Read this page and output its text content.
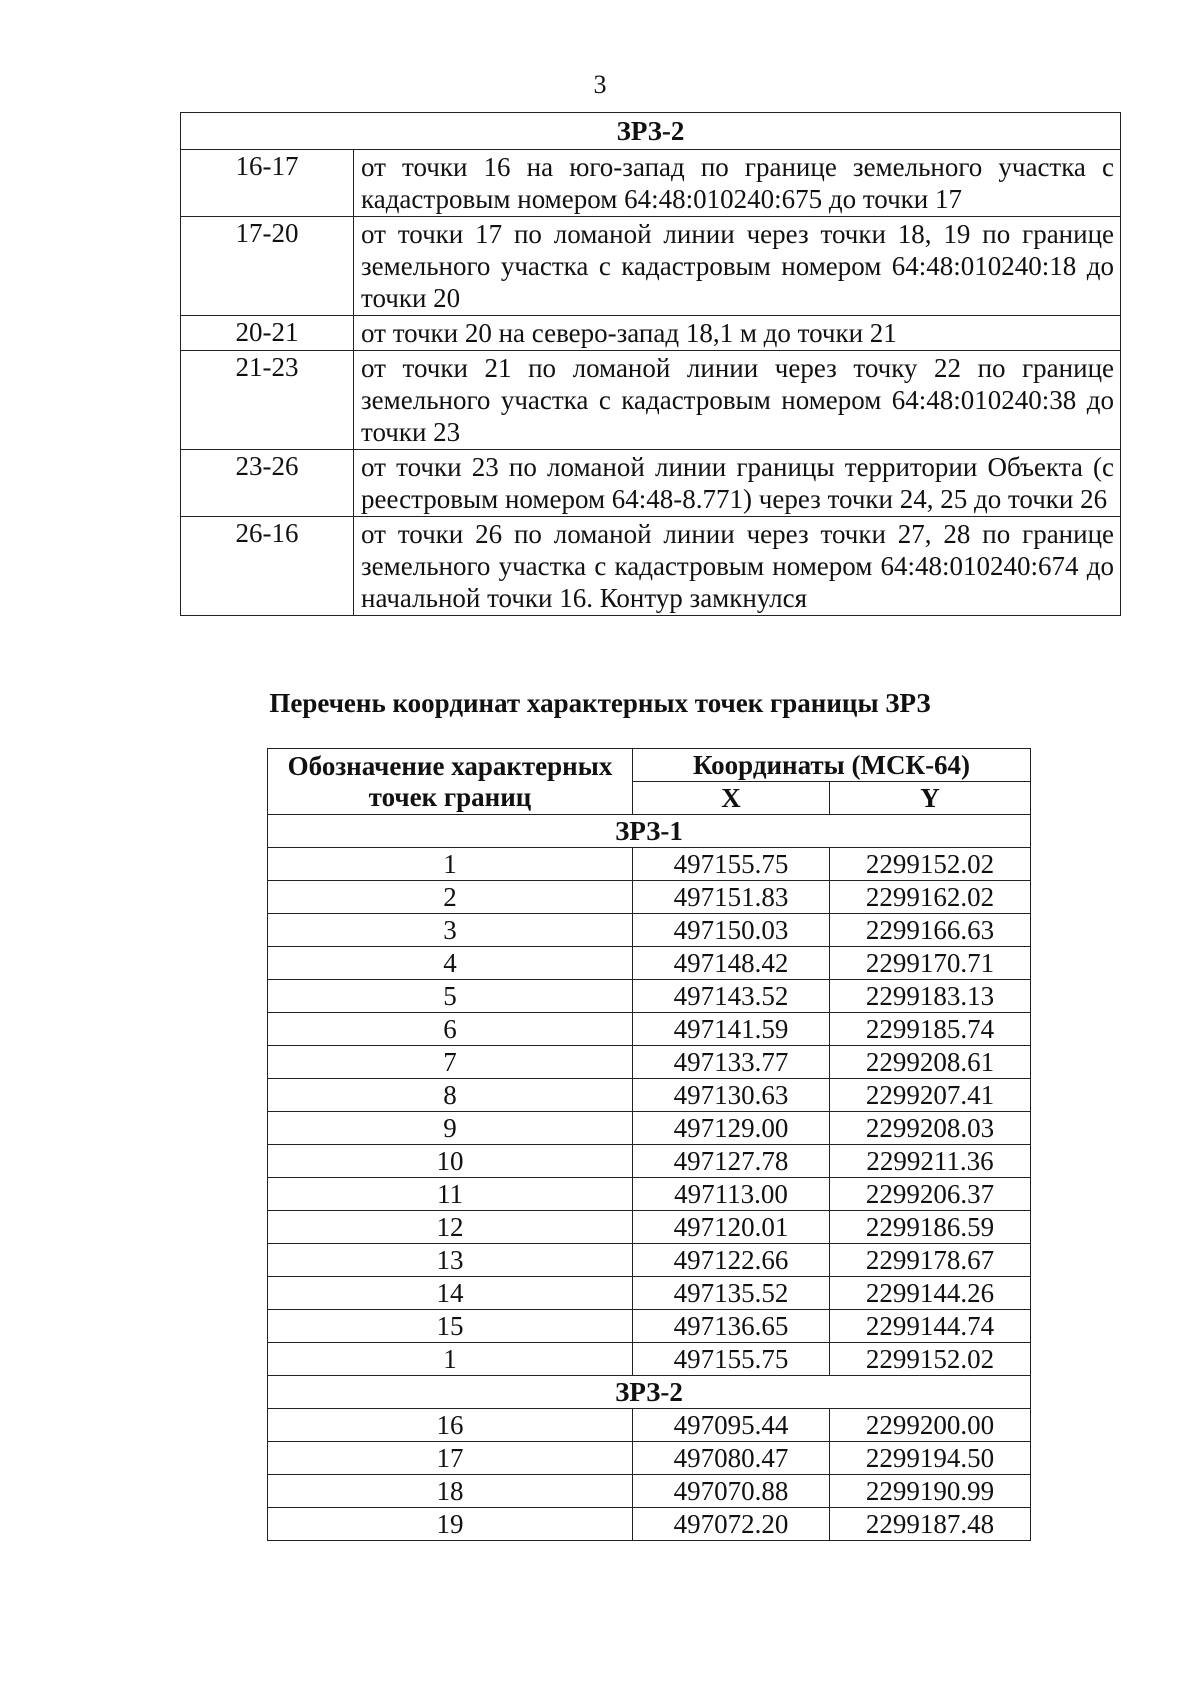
3
ЗРЗ-2	
16-17	от точки 16 на юго-запад по границе земельного участка с кадастровым номером 64:48:010240:675 до точки 17
17-20	от точки 17 по ломаной линии через точки 18, 19 по границе земельного участка с кадастровым номером 64:48:010240:18 до точки 20
20-21	от точки 20 на северо-запад 18,1 м до точки 21
21-23	от точки 21 по ломаной линии через точку 22 по границе земельного участка с кадастровым номером 64:48:010240:38 до точки 23
23-26	от точки 23 по ломаной линии границы территории Объекта (с реестровым номером 64:48-8.771) через точки 24, 25 до точки 26
26-16	от точки 26 по ломаной линии через точки 27, 28 по границе земельного участка с кадастровым номером 64:48:010240:674 до начальной точки 16. Контур замкнулся
Перечень координат характерных точек границы ЗРЗ
Обозначение характерных точек границ	Координаты (МСК-64)	
	X	Y
ЗРЗ-1		
1	497155.75	2299152.02
2	497151.83	2299162.02
3	497150.03	2299166.63
4	497148.42	2299170.71
5	497143.52	2299183.13
6	497141.59	2299185.74
7	497133.77	2299208.61
8	497130.63	2299207.41
9	497129.00	2299208.03
10	497127.78	2299211.36
11	497113.00	2299206.37
12	497120.01	2299186.59
13	497122.66	2299178.67
14	497135.52	2299144.26
15	497136.65	2299144.74
1	497155.75	2299152.02
ЗРЗ-2		
16	497095.44	2299200.00
17	497080.47	2299194.50
18	497070.88	2299190.99
19	497072.20	2299187.48
